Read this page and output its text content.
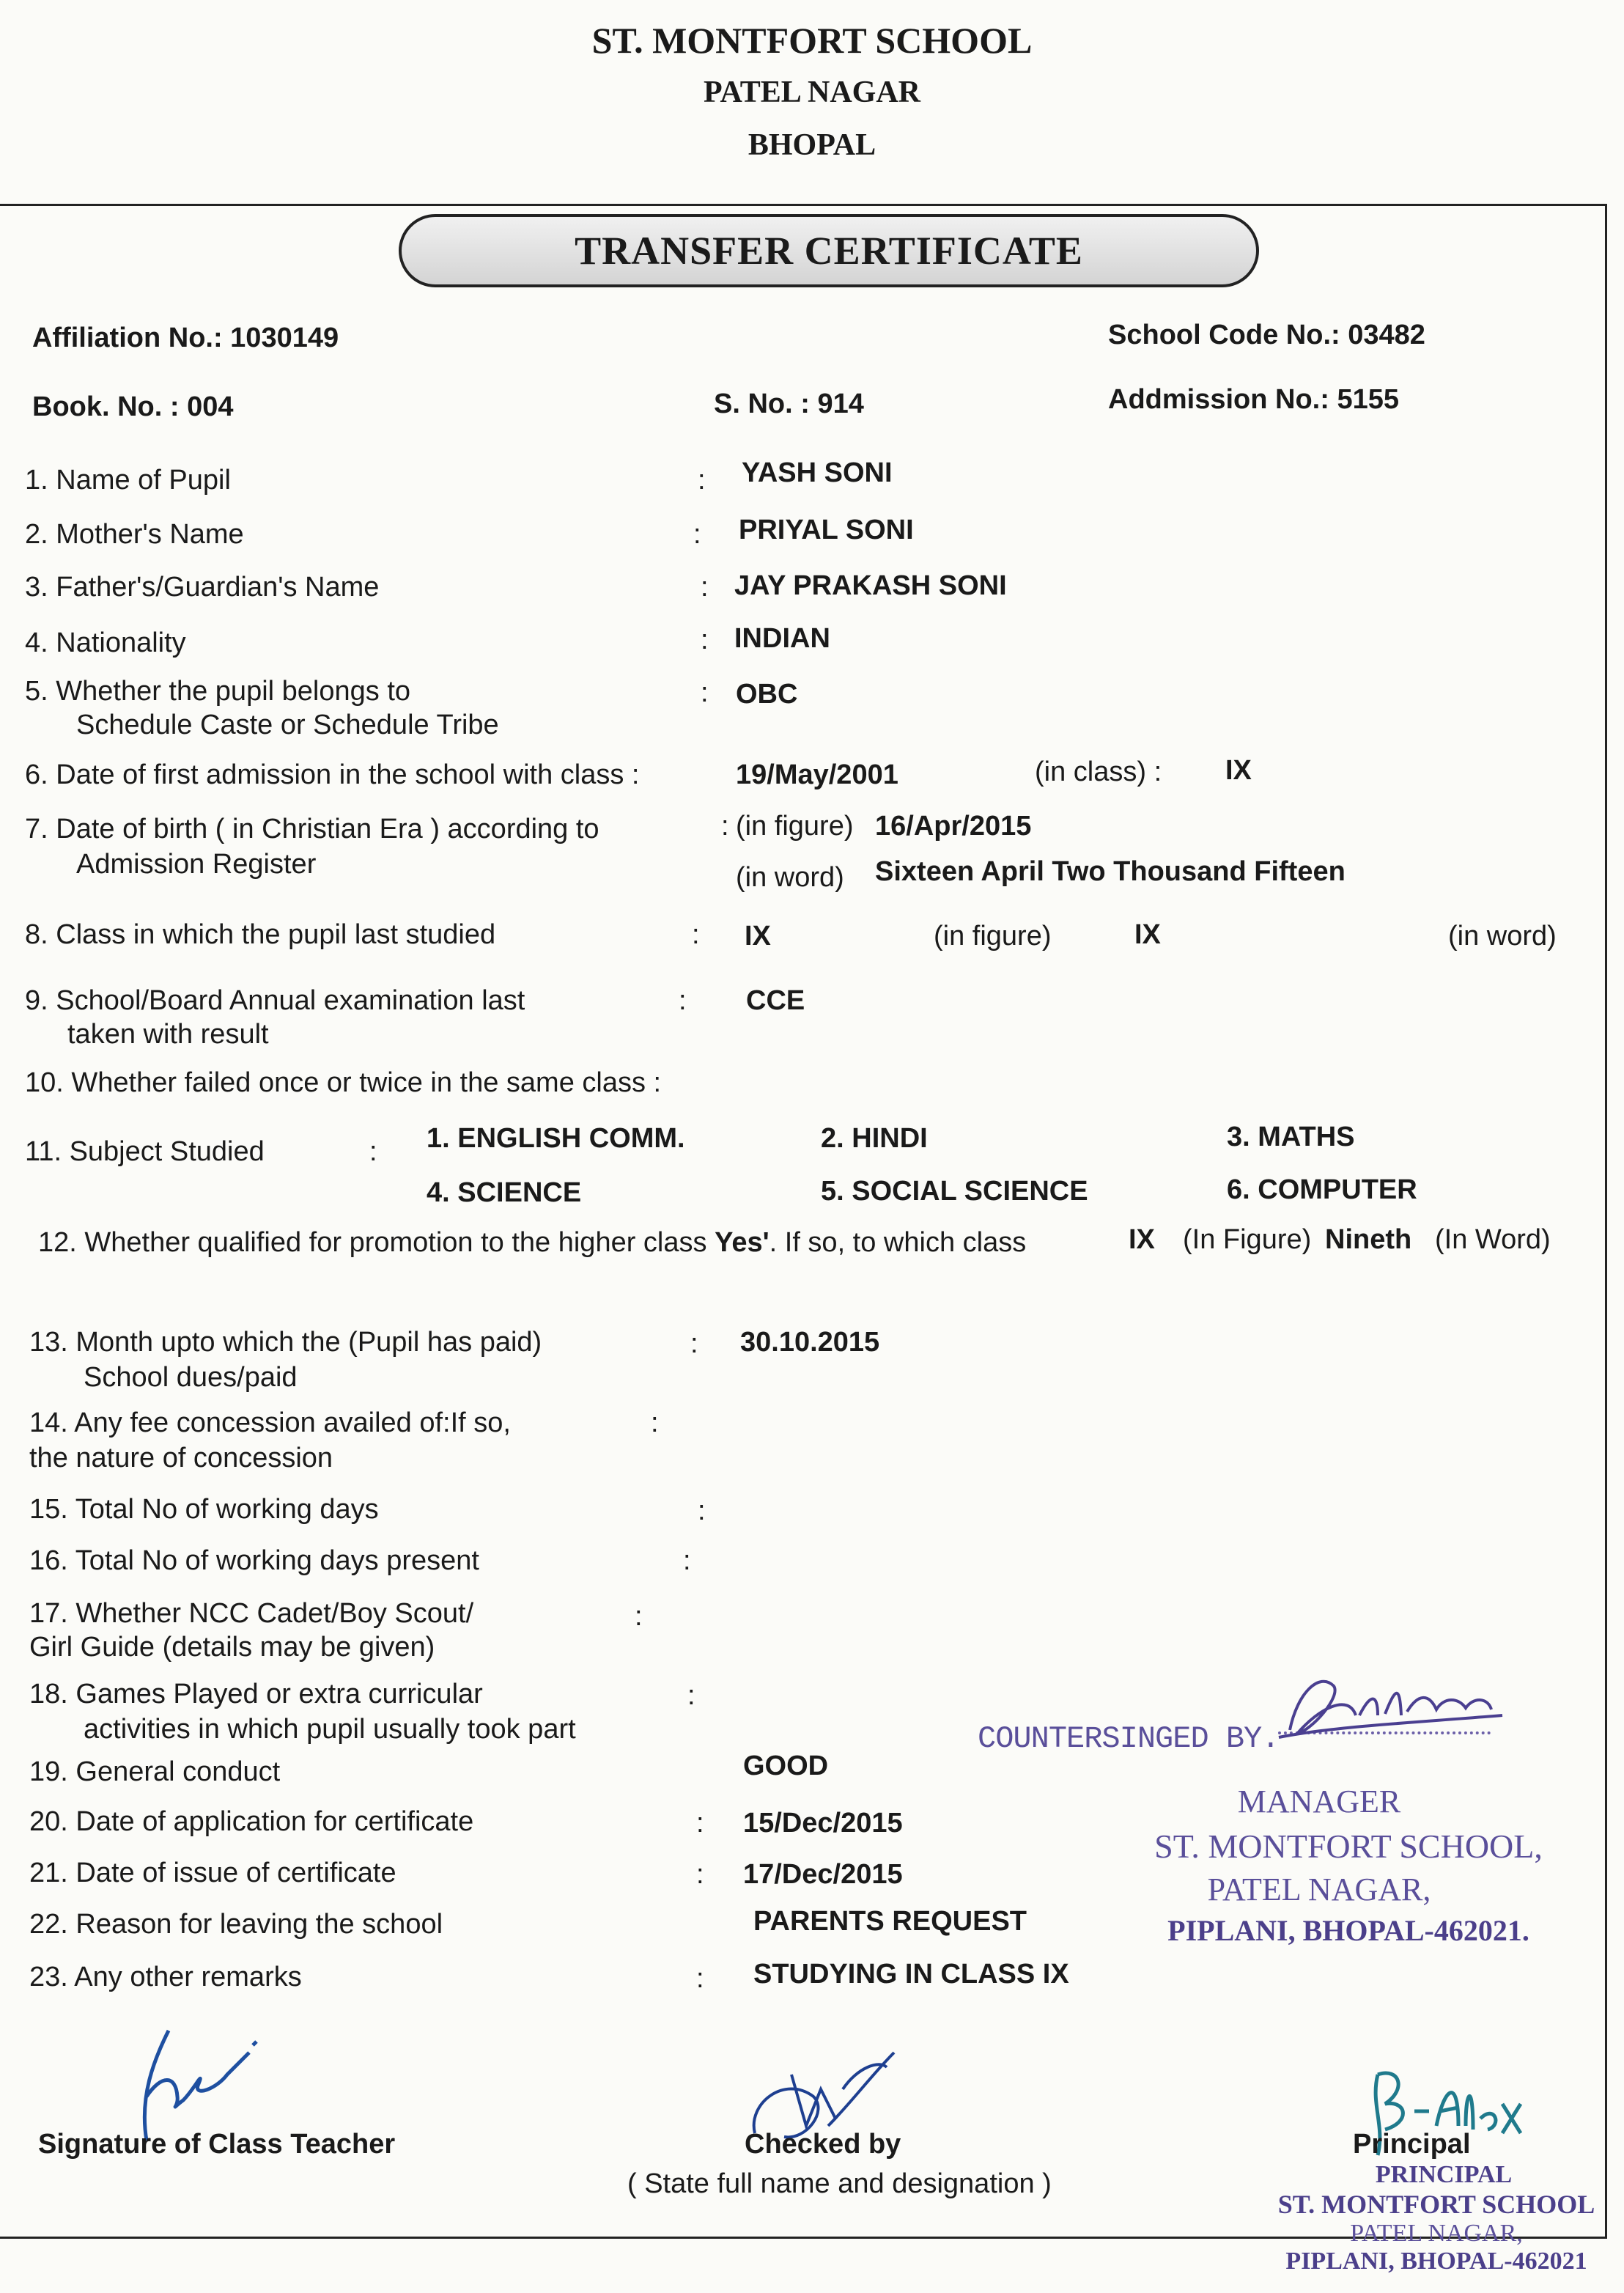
ST. MONTFORT SCHOOL
PATEL NAGAR
BHOPAL
TRANSFER CERTIFICATE
Affiliation No.: 1030149	School Code No.: 03482
Book. No. : 004	S. No. : 914	Addmission No.: 5155
1. Name of Pupil	: YASH SONI
2. Mother's Name	: PRIYAL SONI
3. Father's/Guardian's Name	: JAY PRAKASH SONI
4. Nationality	: INDIAN
5. Whether the pupil belongs to
Schedule Caste or Schedule Tribe
: OBC
6. Date of first admission in the school with class :	19/May/2001	(in class) : IX
7. Date of birth ( in Christian Era ) according to
Admission Register
: (in figure) 16/Apr/2015
(in word) Sixteen April Two Thousand Fifteen
8. Class in which the pupil last studied	: IX	(in figure)	IX	(in word)
9. School/Board Annual examination last
taken with result
: CCE
10. Whether failed once or twice in the same class :
11. Subject Studied	: 1. ENGLISH COMM.	2. HINDI	3. MATHS
4. SCIENCE	5. SOCIAL SCIENCE	6. COMPUTER
12. Whether qualified for promotion to the higher class Yes'. If so, to which class	IX (In Figure) Nineth (In Word)
13. Month upto which the (Pupil has paid)
School dues/paid
: 30.10.2015
14. Any fee concession availed of:If so,
the nature of concession
:
15. Total No of working days	:
16. Total No of working days present	:
17. Whether NCC Cadet/Boy Scout/
Girl Guide (details may be given)
:
18. Games Played or extra curricular
activities in which pupil usually took part
:
19. General conduct	GOOD
20. Date of application for certificate	: 15/Dec/2015
21. Date of issue of certificate	: 17/Dec/2015
22. Reason for leaving the school	PARENTS REQUEST
23. Any other remarks	: STUDYING IN CLASS IX
COUNTERSINGED BY.
MANAGER
ST. MONTFORT SCHOOL,
PATEL NAGAR,
PIPLANI, BHOPAL-462021.
Signature of Class Teacher	Checked by
( State full name and designation )
Principal
PRINCIPAL
ST. MONTFORT SCHOOL
PATEL NAGAR,
PIPLANI, BHOPAL-462021
